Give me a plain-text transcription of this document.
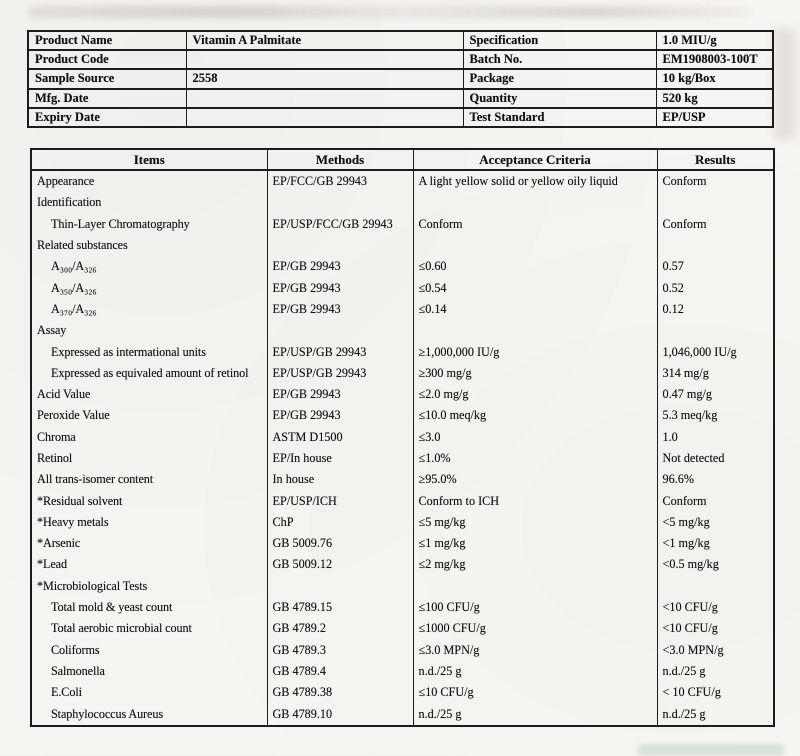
Product Name	Vitamin A Palmitate	Specification	1.0 MIU/g
Product Code		Batch No.	EM1908003-100T
Sample Source	2558	Package	10 kg/Box
Mfg. Date		Quantity	520 kg
Expiry Date		Test Standard	EP/USP
Items	Methods	Acceptance Criteria	Results
Appearance	EP/FCC/GB 29943	A light yellow solid or yellow oily liquid	Conform
Identification			
Thin-Layer Chromatography	EP/USP/FCC/GB 29943	Conform	Conform
Related substances			
A₃₀₀/A₃₂₆	EP/GB 29943	≤0.60	0.57
A₃₅₀/A₃₂₆	EP/GB 29943	≤0.54	0.52
A₃₇₀/A₃₂₆	EP/GB 29943	≤0.14	0.12
Assay			
Expressed as intermational units	EP/USP/GB 29943	≥1,000,000 IU/g	1,046,000 IU/g
Expressed as equivaled amount of retinol	EP/USP/GB 29943	≥300 mg/g	314 mg/g
Acid Value	EP/GB 29943	≤2.0 mg/g	0.47 mg/g
Peroxide Value	EP/GB 29943	≤10.0 meq/kg	5.3 meq/kg
Chroma	ASTM D1500	≤3.0	1.0
Retinol	EP/In house	≤1.0%	Not detected
All trans-isomer content	In house	≥95.0%	96.6%
*Residual solvent	EP/USP/ICH	Conform to ICH	Conform
*Heavy metals	ChP	≤5 mg/kg	<5 mg/kg
*Arsenic	GB 5009.76	≤1 mg/kg	<1 mg/kg
*Lead	GB 5009.12	≤2 mg/kg	<0.5 mg/kg
*Microbiological Tests			
Total mold & yeast count	GB 4789.15	≤100 CFU/g	<10 CFU/g
Total aerobic microbial count	GB 4789.2	≤1000 CFU/g	<10 CFU/g
Coliforms	GB 4789.3	≤3.0 MPN/g	<3.0 MPN/g
Salmonella	GB 4789.4	n.d./25 g	n.d./25 g
E.Coli	GB 4789.38	≤10 CFU/g	< 10 CFU/g
Staphylococcus Aureus	GB 4789.10	n.d./25 g	n.d./25 g
